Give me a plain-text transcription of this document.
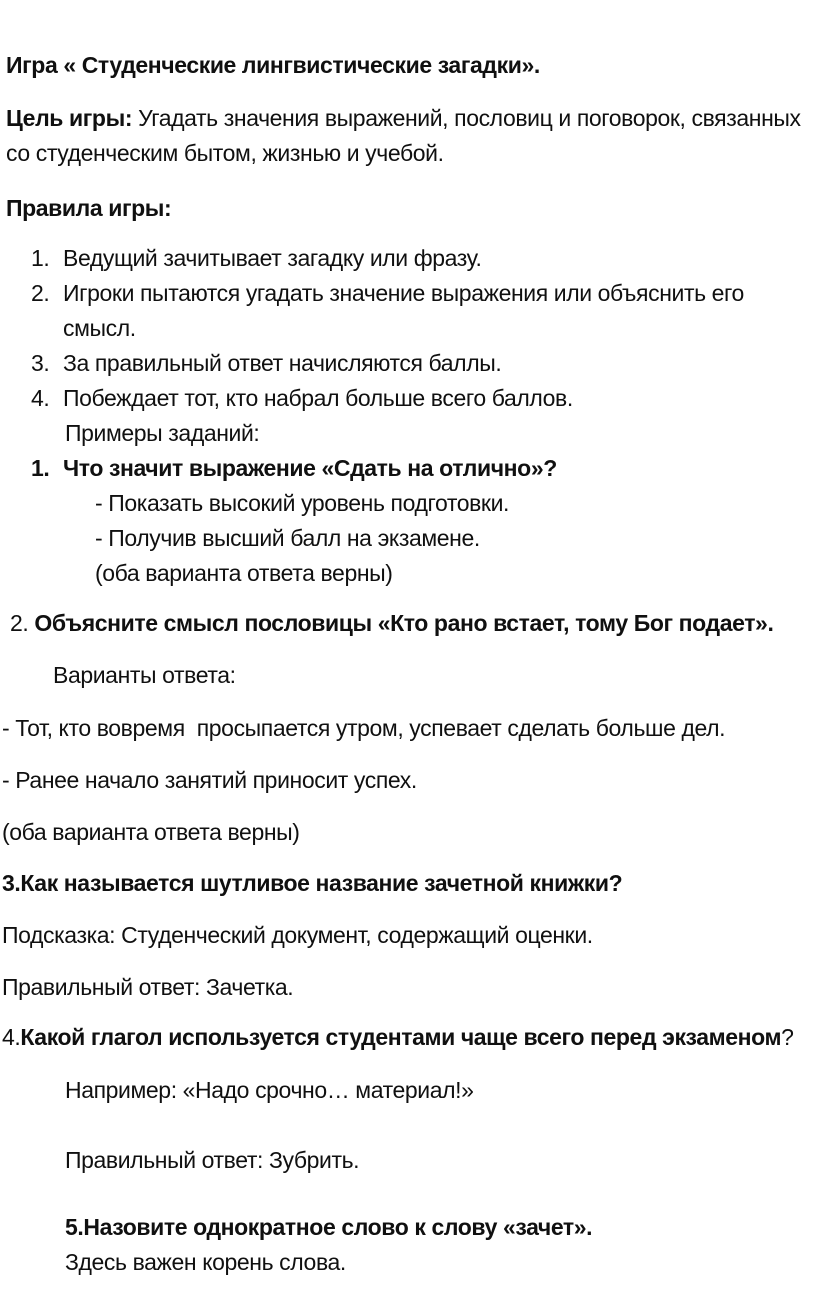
Игра « Студенческие лингвистические загадки».

Цель игры: Угадать значения выражений, пословиц и поговорок, связанных
со студенческим бытом, жизнью и учебой.

Правила игры:

1. Ведущий зачитывает загадку или фразу.
2. Игроки пытаются угадать значение выражения или объяснить его
смысл.
3. За правильный ответ начисляются баллы.
4. Побеждает тот, кто набрал больше всего баллов.

Примеры заданий:

1. Что значит выражение «Сдать на отлично»?

- Показать высокий уровень подготовки.

- Получив высший балл на экзамене.

(оба варианта ответа верны)

2. Объясните смысл пословицы «Кто рано встает, тому Бог подает».

Варианты ответа:

- Тот, кто вовремя  просыпается утром, успевает сделать больше дел.

- Ранее начало занятий приносит успех.

(оба варианта ответа верны)

3.Как называется шутливое название зачетной книжки?

Подсказка: Студенческий документ, содержащий оценки.

Правильный ответ: Зачетка.

4.Какой глагол используется студентами чаще всего перед экзаменом?

Например: «Надо срочно… материал!»

Правильный ответ: Зубрить.

5.Назовите однократное слово к слову «зачет».

Здесь важен корень слова.
